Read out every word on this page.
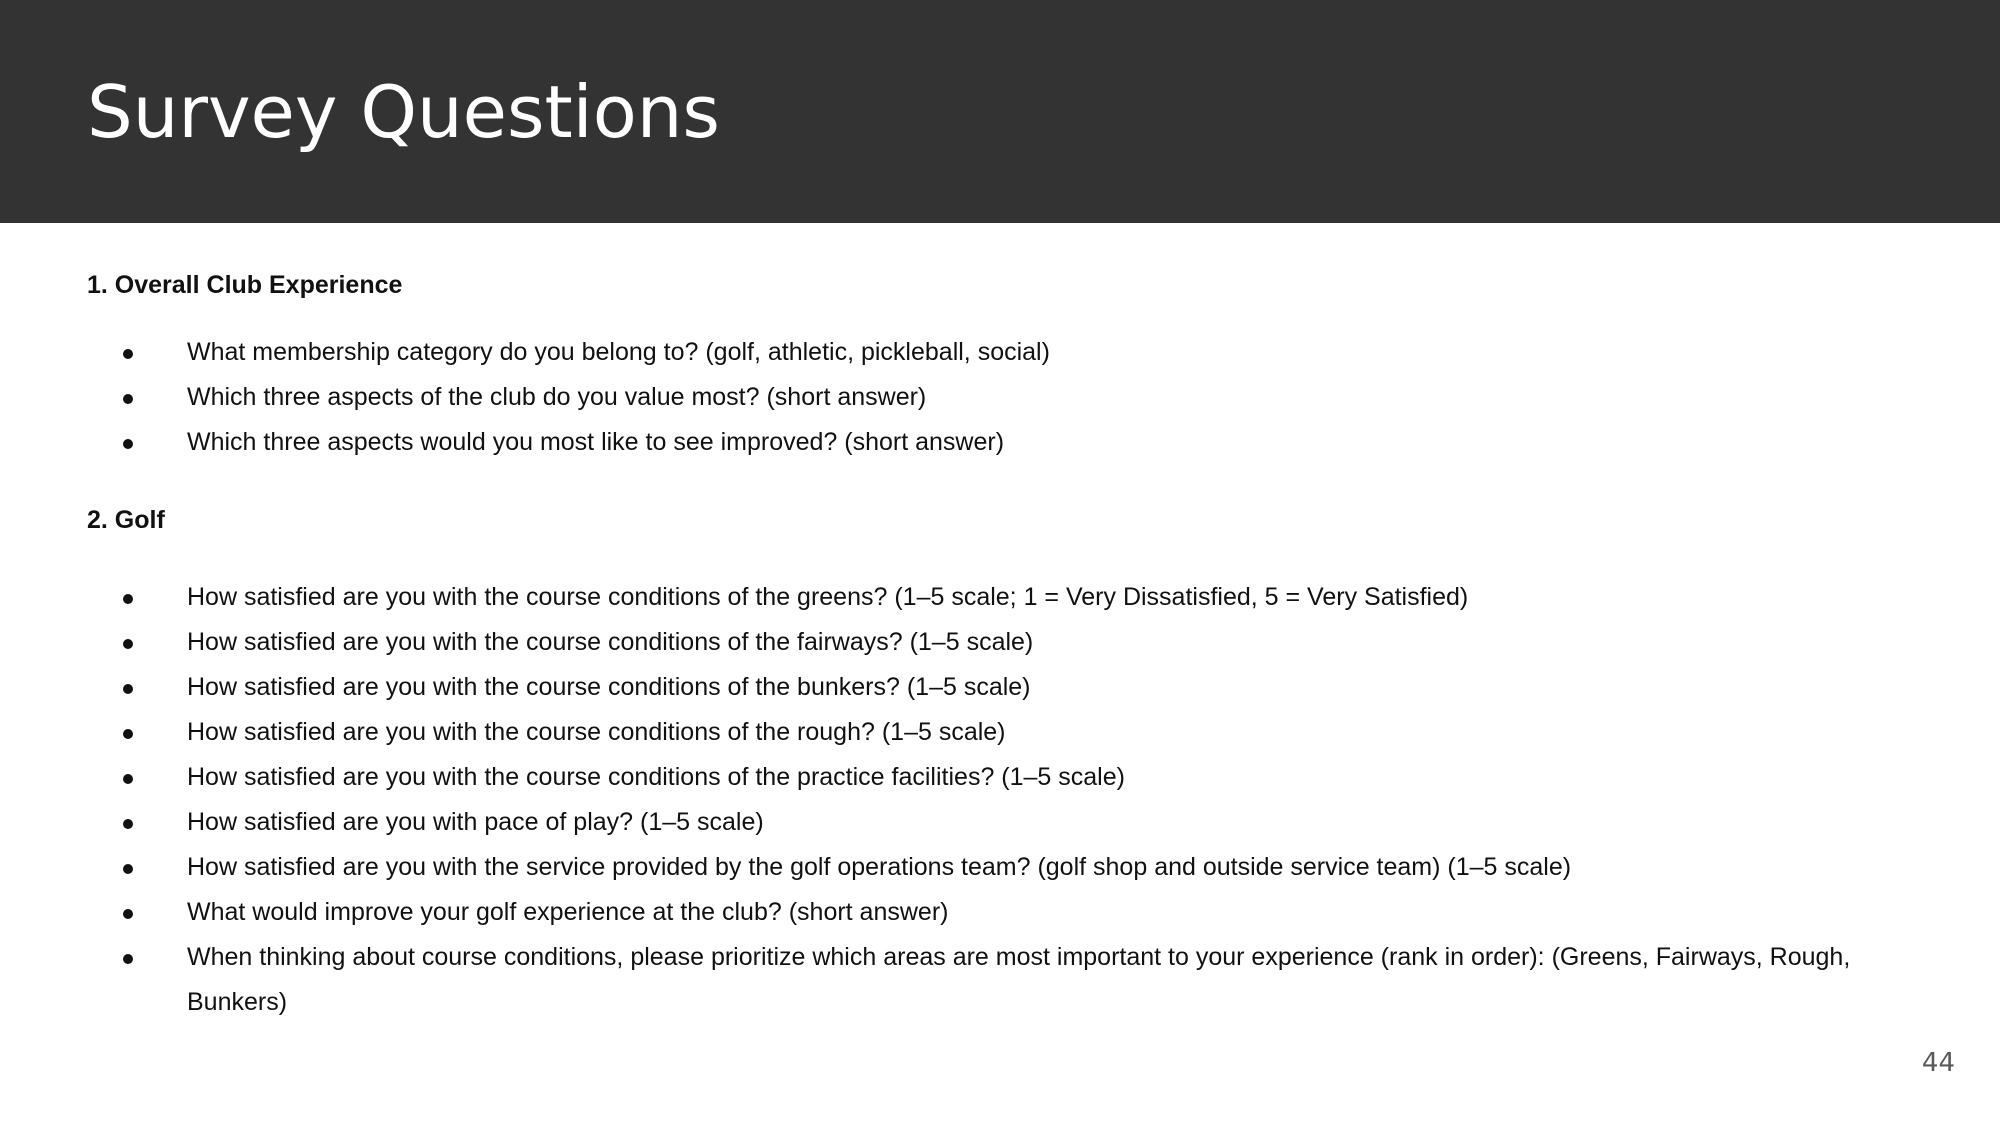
Survey Questions
1. Overall Club Experience
What membership category do you belong to? (golf, athletic, pickleball, social)
Which three aspects of the club do you value most? (short answer)
Which three aspects would you most like to see improved? (short answer)
2. Golf
How satisfied are you with the course conditions of the greens? (1–5 scale; 1 = Very Dissatisfied, 5 = Very Satisfied)
How satisfied are you with the course conditions of the fairways? (1–5 scale)
How satisfied are you with the course conditions of the bunkers? (1–5 scale)
How satisfied are you with the course conditions of the rough? (1–5 scale)
How satisfied are you with the course conditions of the practice facilities? (1–5 scale)
How satisfied are you with pace of play? (1–5 scale)
How satisfied are you with the service provided by the golf operations team? (golf shop and outside service team) (1–5 scale)
What would improve your golf experience at the club? (short answer)
When thinking about course conditions, please prioritize which areas are most important to your experience (rank in order): (Greens, Fairways, Rough, Bunkers)
44
